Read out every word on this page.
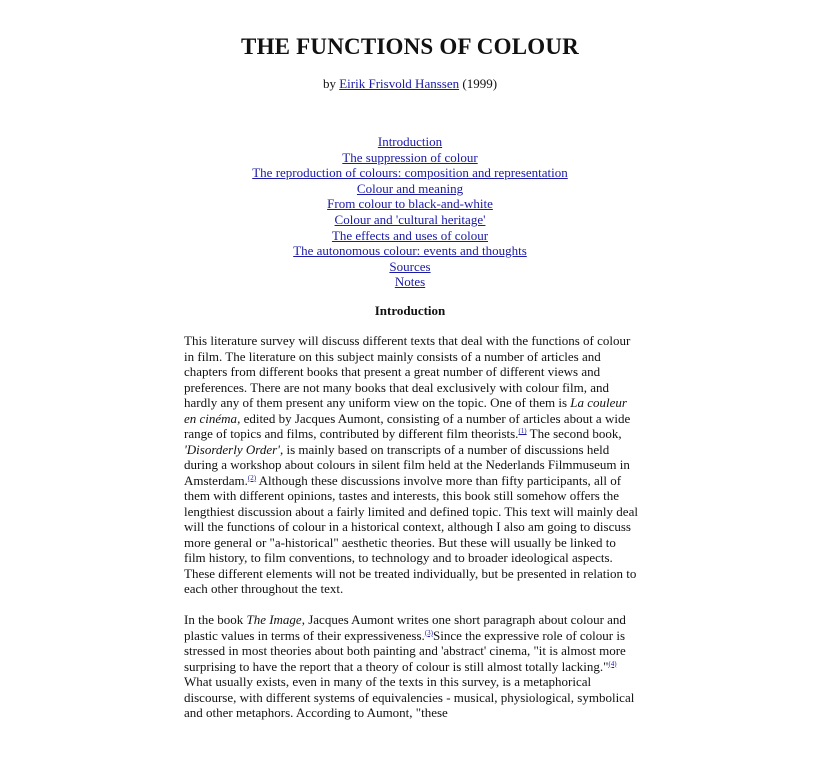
THE FUNCTIONS OF COLOUR
by Eirik Frisvold Hanssen (1999)
Introduction
The suppression of colour
The reproduction of colours: composition and representation
Colour and meaning
From colour to black-and-white
Colour and 'cultural heritage'
The effects and uses of colour
The autonomous colour: events and thoughts
Sources
Notes
Introduction

This literature survey will discuss different texts that deal with the functions of colour in film. The literature on this subject mainly consists of a number of articles and chapters from different books that present a great number of different views and preferences. There are not many books that deal exclusively with colour film, and hardly any of them present any uniform view on the topic. One of them is La couleur en cinéma, edited by Jacques Aumont, consisting of a number of articles about a wide range of topics and films, contributed by different film theorists.$^{(1)}$ The second book, 'Disorderly Order', is mainly based on transcripts of a number of discussions held during a workshop about colours in silent film held at the Nederlands Filmmuseum in Amsterdam.$^{(2)}$ Although these discussions involve more than fifty participants, all of them with different opinions, tastes and interests, this book still somehow offers the lengthiest discussion about a fairly limited and defined topic. This text will mainly deal will the functions of colour in a historical context, although I also am going to discuss more general or "a-historical" aesthetic theories. But these will usually be linked to film history, to film conventions, to technology and to broader ideological aspects. These different elements will not be treated individually, but be presented in relation to each other throughout the text.

In the book The Image, Jacques Aumont writes one short paragraph about colour and plastic values in terms of their expressiveness.$^{(3)}$Since the expressive role of colour is stressed in most theories about both painting and 'abstract' cinema, "it is almost more surprising to have the report that a theory of colour is still almost totally lacking."$^{(4)}$ What usually exists, even in many of the texts in this survey, is a metaphorical discourse, with different systems of equivalencies - musical, physiological, symbolical and other metaphors. According to Aumont, "these
